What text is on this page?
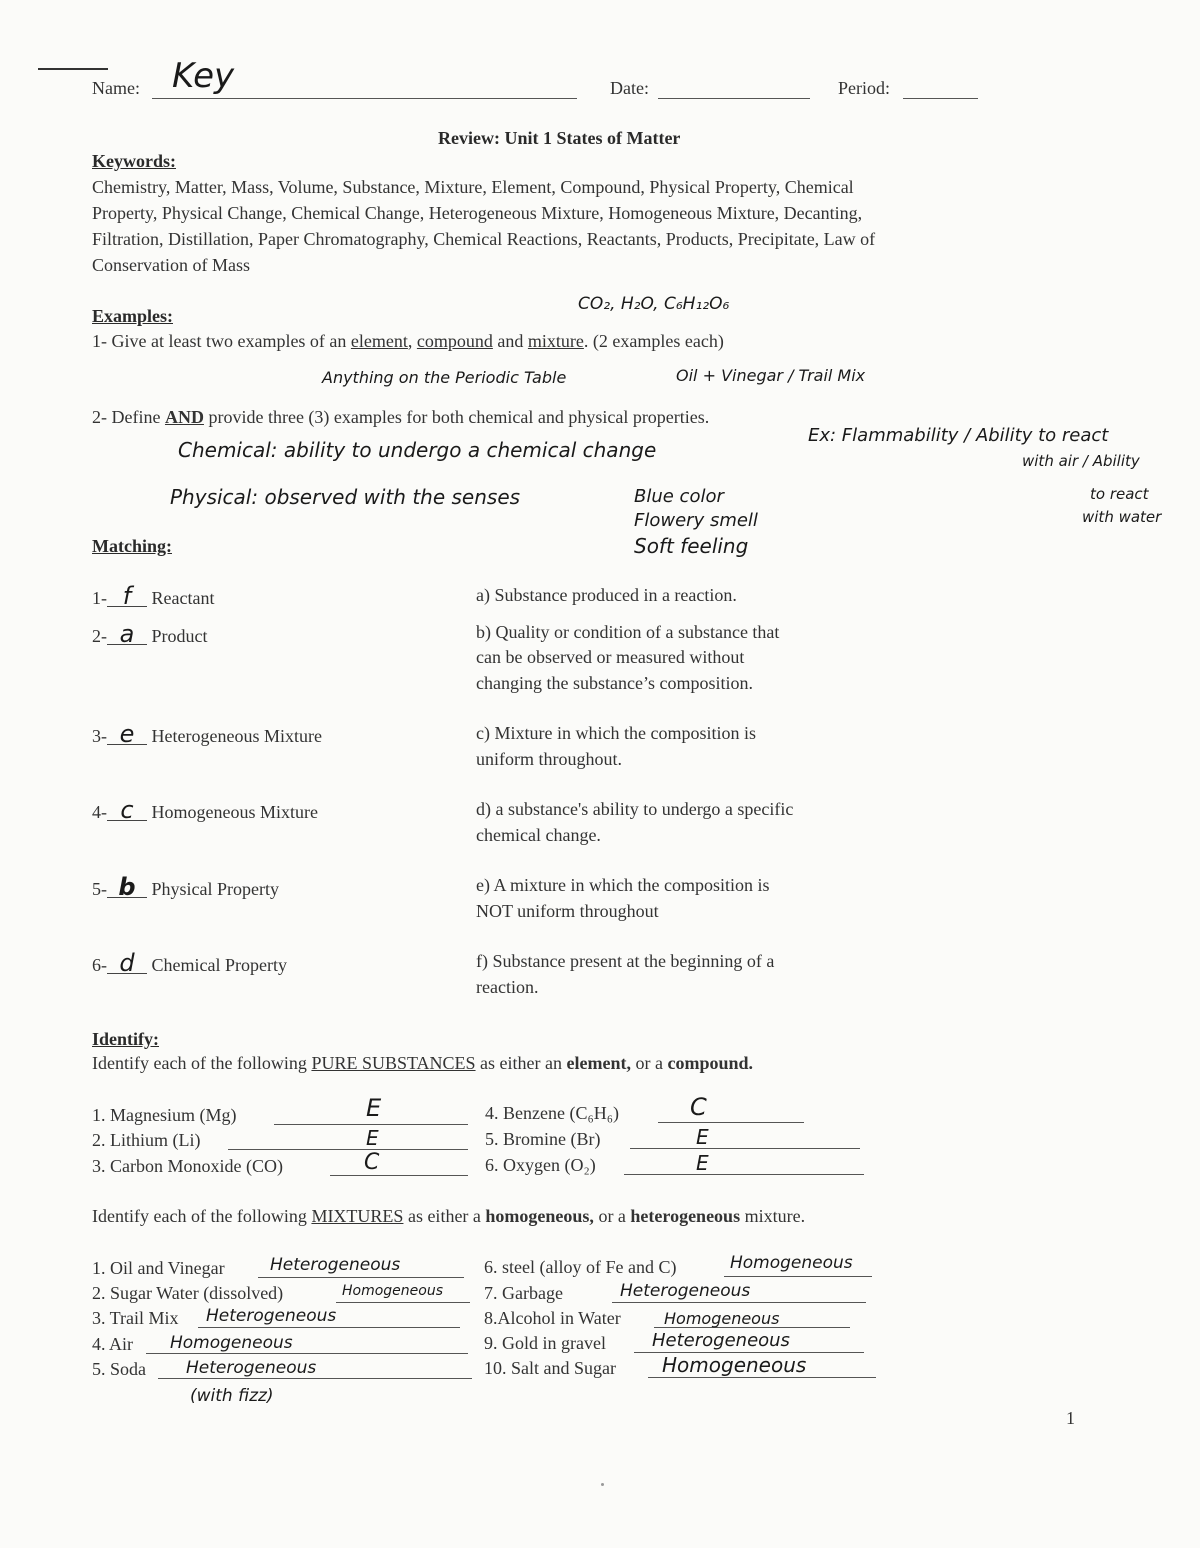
Name: Key	Date:	Period:
Review: Unit 1 States of Matter
Keywords:
Chemistry, Matter, Mass, Volume, Substance, Mixture, Element, Compound, Physical Property, Chemical
Property, Physical Change, Chemical Change, Heterogeneous Mixture, Homogeneous Mixture, Decanting,
Filtration, Distillation, Paper Chromatography, Chemical Reactions, Reactants, Products, Precipitate, Law of
Conservation of Mass
Examples:
CO₂, H₂O, C₆H₁₂O₆
1- Give at least two examples of an element, compound and mixture. (2 examples each)
Anything on the Periodic Table	Oil + Vinegar / Trail Mix
2- Define AND provide three (3) examples for both chemical and physical properties.
Chemical: ability to undergo a chemical change
Ex: Flammability / Ability to react
with air / Ability
to react
with water
Physical: observed with the senses	Blue color
Flowery smell
Soft feeling
Matching:
1- f Reactant
2- a Product
3- e Heterogeneous Mixture
4- c Homogeneous Mixture
5- b Physical Property
6- d Chemical Property
a) Substance produced in a reaction.
b) Quality or condition of a substance that
can be observed or measured without
changing the substance’s composition.
c) Mixture in which the composition is
uniform throughout.
d) a substance's ability to undergo a specific
chemical change.
e) A mixture in which the composition is
NOT uniform throughout
f) Substance present at the beginning of a
reaction.
Identify:
Identify each of the following PURE SUBSTANCES as either an element, or a compound.
1. Magnesium (Mg)	E
2. Lithium (Li)	E
3. Carbon Monoxide (CO)	C
4. Benzene (C₆H₆)	C
5. Bromine (Br)	E
6. Oxygen (O₂)	E
Identify each of the following MIXTURES as either a homogeneous, or a heterogeneous mixture.
1. Oil and Vinegar	Heterogeneous
2. Sugar Water (dissolved)	Homogeneous
3. Trail Mix Heterogeneous
4. Air Homogeneous
5. Soda Heterogeneous
(with fizz)
6. steel (alloy of Fe and C)	Homogeneous
7. Garbage	Heterogeneous
8.Alcohol in Water	Homogeneous
9. Gold in gravel	Heterogeneous
10. Salt and Sugar Homogeneous
1
